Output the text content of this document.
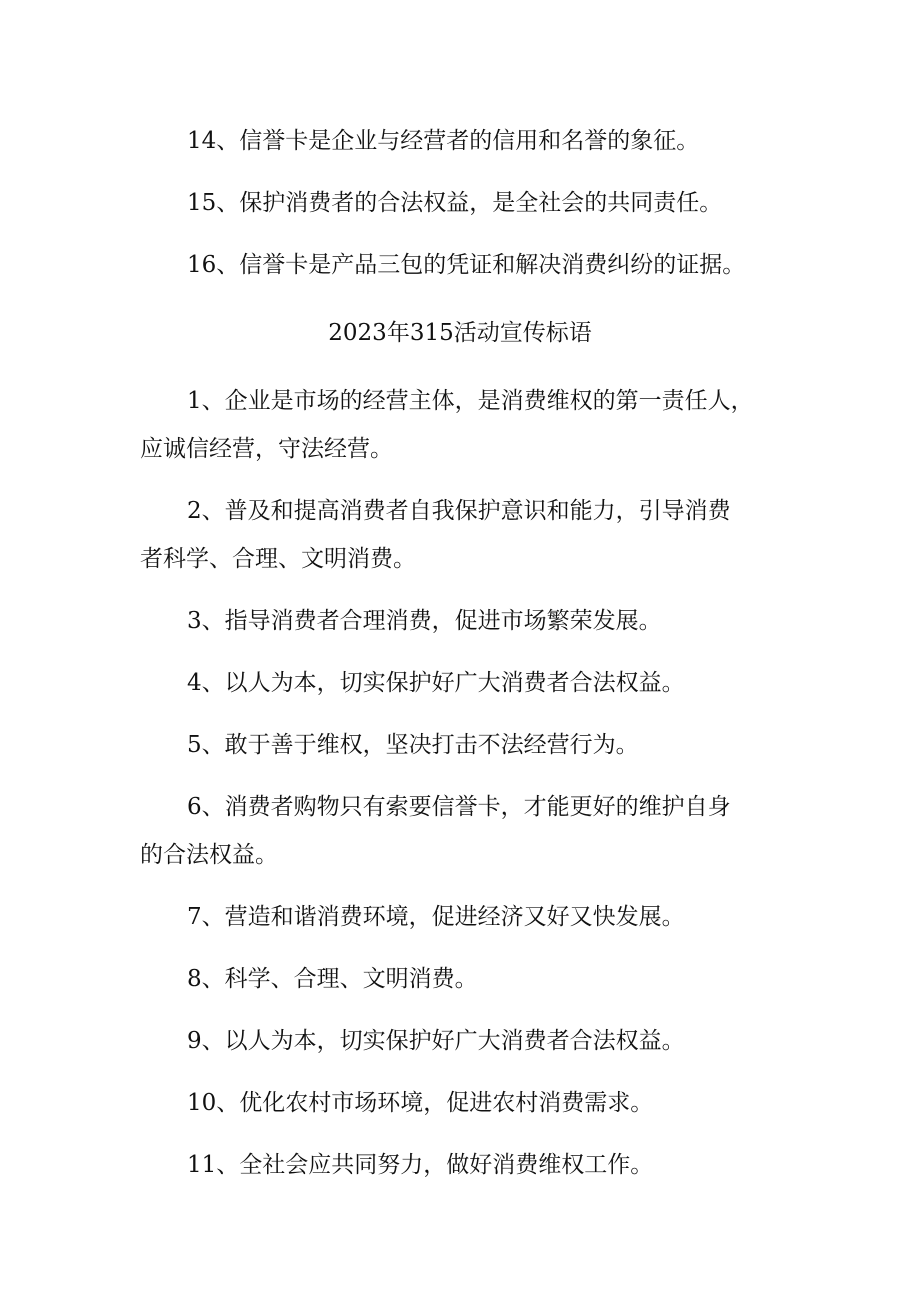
14、信誉卡是企业与经营者的信用和名誉的象征。
15、保护消费者的合法权益，是全社会的共同责任。
16、信誉卡是产品三包的凭证和解决消费纠纷的证据。
2023年315活动宣传标语
1、企业是市场的经营主体，是消费维权的第一责任人，
应诚信经营，守法经营。
2、普及和提高消费者自我保护意识和能力，引导消费
者科学、合理、文明消费。
3、指导消费者合理消费，促进市场繁荣发展。
4、以人为本，切实保护好广大消费者合法权益。
5、敢于善于维权，坚决打击不法经营行为。
6、消费者购物只有索要信誉卡，才能更好的维护自身
的合法权益。
7、营造和谐消费环境，促进经济又好又快发展。
8、科学、合理、文明消费。
9、以人为本，切实保护好广大消费者合法权益。
10、优化农村市场环境，促进农村消费需求。
11、全社会应共同努力，做好消费维权工作。
